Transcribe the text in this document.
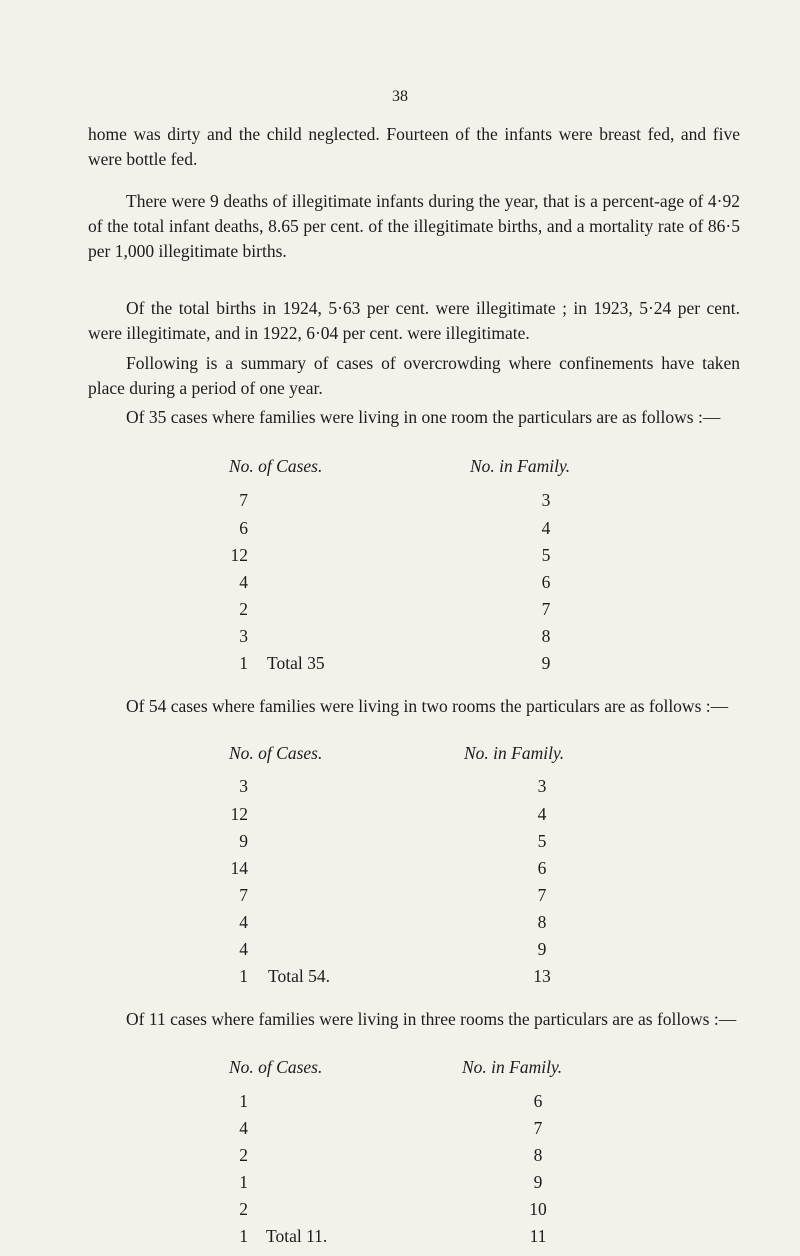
38

home was dirty and the child neglected. Fourteen of the infants were breast fed, and five were bottle fed.

There were 9 deaths of illegitimate infants during the year, that is a percent-age of 4·92 of the total infant deaths, 8.65 per cent. of the illegitimate births, and a mortality rate of 86·5 per 1,000 illegitimate births.

Of the total births in 1924, 5·63 per cent. were illegitimate ; in 1923, 5·24 per cent. were illegitimate, and in 1922, 6·04 per cent. were illegitimate.

Following is a summary of cases of overcrowding where confinements have taken place during a period of one year.

Of 35 cases where families were living in one room the particulars are as follows :—

No. of Cases.	No. in Family.
7	3
6	4
12	5
4	6
2	7
3	8
1 Total 35	9

Of 54 cases where families were living in two rooms the particulars are as follows :—

No. of Cases.	No. in Family.
3	3
12	4
9	5
14	6
7	7
4	8
4	9
1 Total 54.	13

Of 11 cases where families were living in three rooms the particulars are as follows :—

No. of Cases.	No. in Family.
1	6
4	7
2	8
1	9
2	10
1 Total 11.	11
